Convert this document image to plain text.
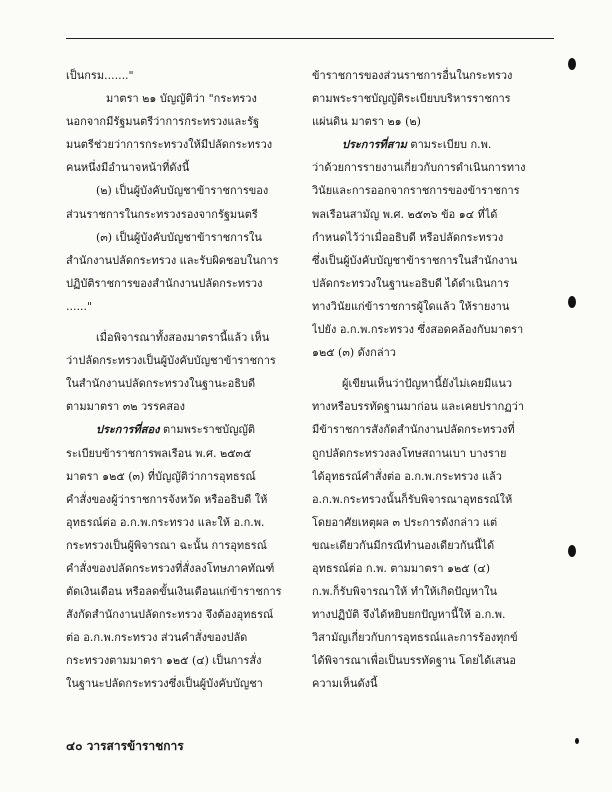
เป็นกรม......."
มาตรา ๒๑ บัญญัติว่า "กระทรวง
นอกจากมีรัฐมนตรีว่าการกระทรวงและรัฐ
มนตรีช่วยว่าการกระทรวงให้มีปลัดกระทรวง
คนหนึ่งมีอำนาจหน้าที่ดังนี้
(๒) เป็นผู้บังคับบัญชาข้าราชการของ
ส่วนราชการในกระทรวงรองจากรัฐมนตรี
(๓) เป็นผู้บังคับบัญชาข้าราชการใน
สำนักงานปลัดกระทรวง และรับผิดชอบในการ
ปฏิบัติราชการของสำนักงานปลัดกระทรวง
......"
เมื่อพิจารณาทั้งสองมาตรานี้แล้ว เห็น
ว่าปลัดกระทรวงเป็นผู้บังคับบัญชาข้าราชการ
ในสำนักงานปลัดกระทรวงในฐานะอธิบดี
ตามมาตรา ๓๒ วรรคสอง
ประการที่สอง ตามพระราชบัญญัติ
ระเบียบข้าราชการพลเรือน พ.ศ. ๒๕๓๕
มาตรา ๑๒๕ (๓) ที่บัญญัติว่าการอุทธรณ์
คำสั่งของผู้ว่าราชการจังหวัด หรืออธิบดี ให้
อุทธรณ์ต่อ อ.ก.พ.กระทรวง และให้ อ.ก.พ.
กระทรวงเป็นผู้พิจารณา ฉะนั้น การอุทธรณ์
คำสั่งของปลัดกระทรวงที่สั่งลงโทษภาคทัณฑ์
ตัดเงินเดือน หรือลดขั้นเงินเดือนแก่ข้าราชการ
สังกัดสำนักงานปลัดกระทรวง จึงต้องอุทธรณ์
ต่อ อ.ก.พ.กระทรวง ส่วนคำสั่งของปลัด
กระทรวงตามมาตรา ๑๒๕ (๔) เป็นการสั่ง
ในฐานะปลัดกระทรวงซึ่งเป็นผู้บังคับบัญชา
ข้าราชการของส่วนราชการอื่นในกระทรวง
ตามพระราชบัญญัติระเบียบบริหารราชการ
แผ่นดิน มาตรา ๒๑ (๒)
ประการที่สาม ตามระเบียบ ก.พ.
ว่าด้วยการรายงานเกี่ยวกับการดำเนินการทาง
วินัยและการออกจากราชการของข้าราชการ
พลเรือนสามัญ พ.ศ. ๒๕๓๖ ข้อ ๑๔ ที่ได้
กำหนดไว้ว่าเมื่ออธิบดี หรือปลัดกระทรวง
ซึ่งเป็นผู้บังคับบัญชาข้าราชการในสำนักงาน
ปลัดกระทรวงในฐานะอธิบดี ได้ดำเนินการ
ทางวินัยแก่ข้าราชการผู้ใดแล้ว ให้รายงาน
ไปยัง อ.ก.พ.กระทรวง ซึ่งสอดคล้องกับมาตรา
๑๒๕ (๓) ดังกล่าว
ผู้เขียนเห็นว่าปัญหานี้ยังไม่เคยมีแนว
ทางหรือบรรทัดฐานมาก่อน และเคยปรากฏว่า
มีข้าราชการสังกัดสำนักงานปลัดกระทรวงที่
ถูกปลัดกระทรวงลงโทษสถานเบา บางราย
ได้อุทธรณ์คำสั่งต่อ อ.ก.พ.กระทรวง แล้ว
อ.ก.พ.กระทรวงนั้นก็รับพิจารณาอุทธรณ์ให้
โดยอาศัยเหตุผล ๓ ประการดังกล่าว แต่
ขณะเดียวกันมีกรณีทำนองเดียวกันนี้ได้
อุทธรณ์ต่อ ก.พ. ตามมาตรา ๑๒๕ (๔)
ก.พ.ก็รับพิจารณาให้ ทำให้เกิดปัญหาใน
ทางปฏิบัติ จึงได้หยิบยกปัญหานี้ให้ อ.ก.พ.
วิสามัญเกี่ยวกับการอุทธรณ์และการร้องทุกข์
ได้พิจารณาเพื่อเป็นบรรทัดฐาน โดยได้เสนอ
ความเห็นดังนี้
๔๐ วารสารข้าราชการ
